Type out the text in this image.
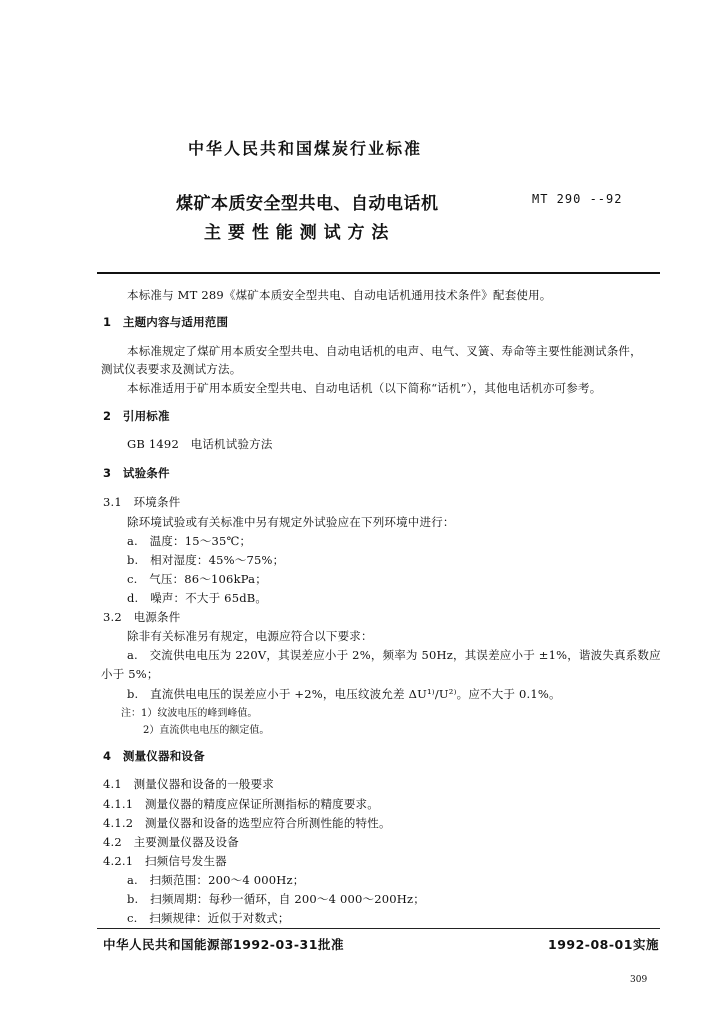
中华人民共和国煤炭行业标准
煤矿本质安全型共电、自动电话机	MT 290 --92
主 要 性 能 测 试 方 法
本标准与 MT 289《煤矿本质安全型共电、自动电话机通用技术条件》配套使用。
1　主题内容与适用范围
本标准规定了煤矿用本质安全型共电、自动电话机的电声、电气、叉簧、寿命等主要性能测试条件，
测试仪表要求及测试方法。
本标准适用于矿用本质安全型共电、自动电话机（以下简称“话机”），其他电话机亦可参考。
2　引用标准
GB 1492　电话机试验方法
3　试验条件
3.1　环境条件
除环境试验或有关标准中另有规定外试验应在下列环境中进行：
a.　温度：15～35℃；
b.　相对湿度：45%～75%；
c.　气压：86～106kPa；
d.　噪声：不大于 65dB。
3.2　电源条件
除非有关标准另有规定，电源应符合以下要求：
a.　交流供电电压为 220V，其误差应小于 2%，频率为 50Hz，其误差应小于 ±1%，谐波失真系数应
小于 5%；
b.　直流供电电压的误差应小于 +2%，电压纹波允差 ΔU¹⁾/U²⁾。应不大于 0.1%。
注：1）纹波电压的峰到峰值。
2）直流供电电压的额定值。
4　测量仪器和设备
4.1　测量仪器和设备的一般要求
4.1.1　测量仪器的精度应保证所测指标的精度要求。
4.1.2　测量仪器和设备的选型应符合所测性能的特性。
4.2　主要测量仪器及设备
4.2.1　扫频信号发生器
a.　扫频范围：200～4 000Hz；
b.　扫频周期：每秒一循环，自 200～4 000～200Hz；
c.　扫频规律：近似于对数式；
中华人民共和国能源部1992-03-31批准	1992-08-01实施
309
